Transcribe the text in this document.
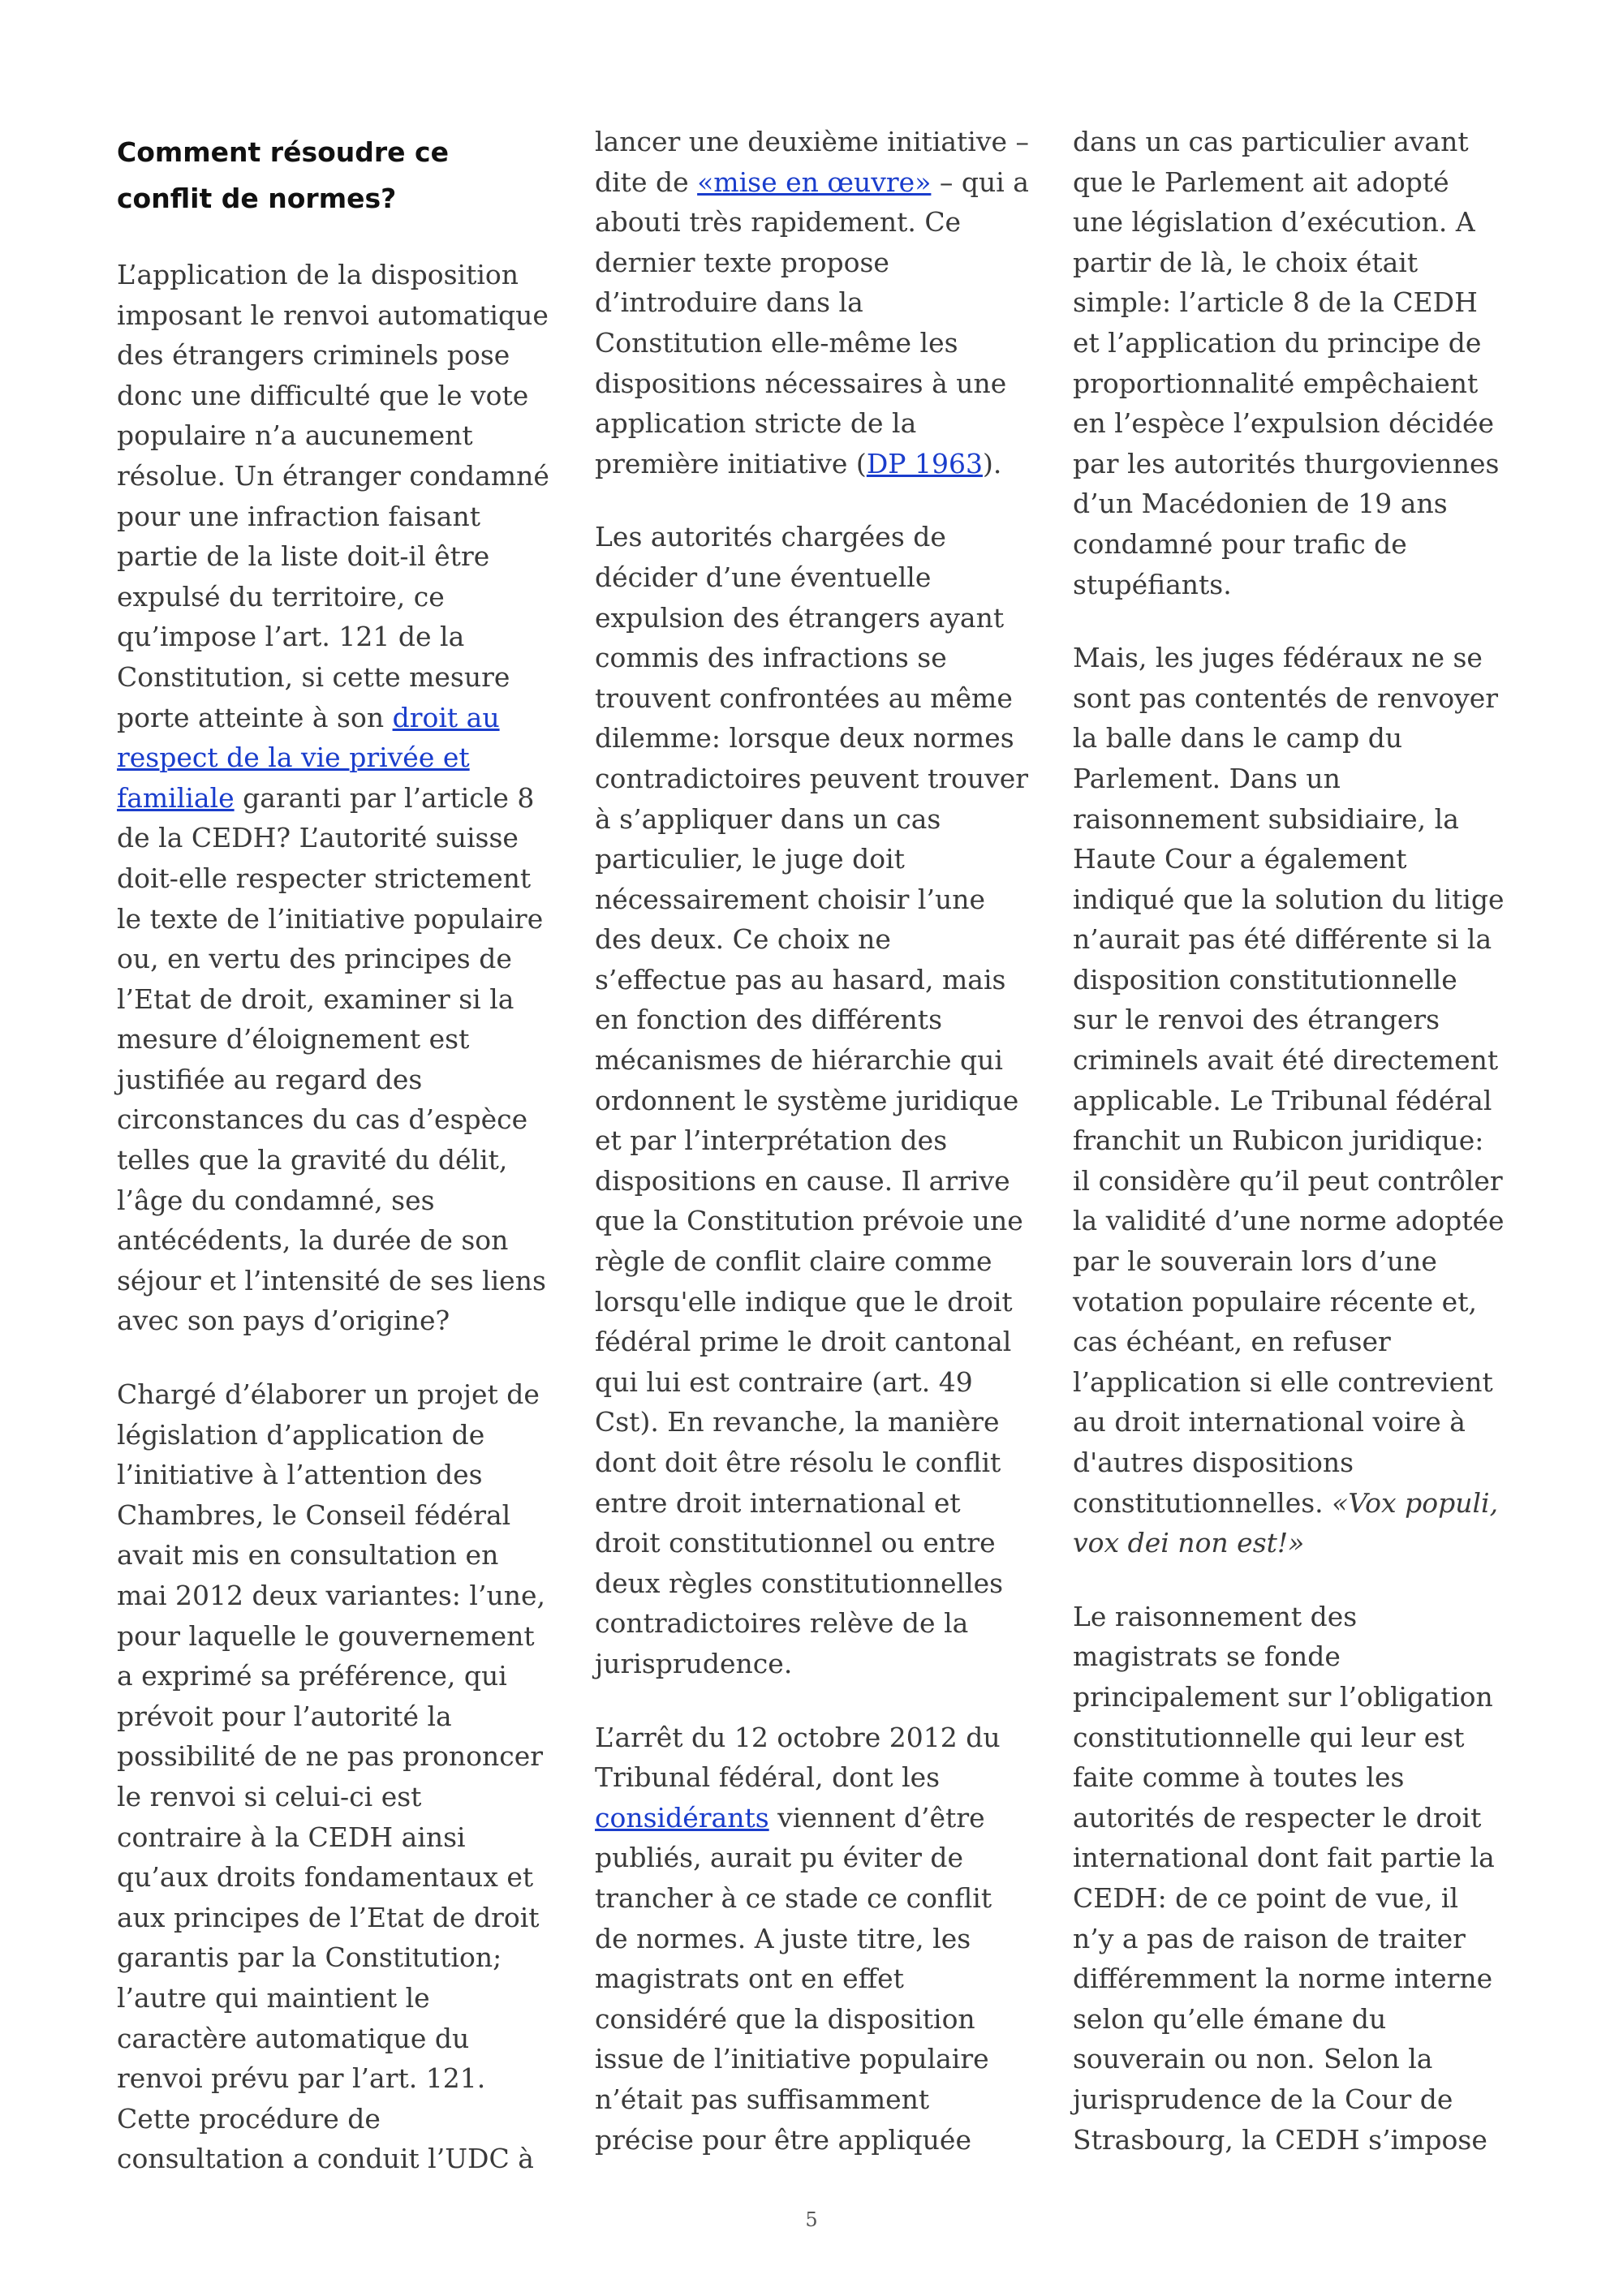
Comment résoudre ce
conflit de normes?

L’application de la disposition
imposant le renvoi automatique
des étrangers criminels pose
donc une difficulté que le vote
populaire n’a aucunement
résolue. Un étranger condamné
pour une infraction faisant
partie de la liste doit-il être
expulsé du territoire, ce
qu’impose l’art. 121 de la
Constitution, si cette mesure
porte atteinte à son droit au
respect de la vie privée et
familiale garanti par l’article 8
de la CEDH? L’autorité suisse
doit-elle respecter strictement
le texte de l’initiative populaire
ou, en vertu des principes de
l’Etat de droit, examiner si la
mesure d’éloignement est
justifiée au regard des
circonstances du cas d’espèce
telles que la gravité du délit,
l’âge du condamné, ses
antécédents, la durée de son
séjour et l’intensité de ses liens
avec son pays d’origine?

Chargé d’élaborer un projet de
législation d’application de
l’initiative à l’attention des
Chambres, le Conseil fédéral
avait mis en consultation en
mai 2012 deux variantes: l’une,
pour laquelle le gouvernement
a exprimé sa préférence, qui
prévoit pour l’autorité la
possibilité de ne pas prononcer
le renvoi si celui-ci est
contraire à la CEDH ainsi
qu’aux droits fondamentaux et
aux principes de l’Etat de droit
garantis par la Constitution;
l’autre qui maintient le
caractère automatique du
renvoi prévu par l’art. 121.
Cette procédure de
consultation a conduit l’UDC à

lancer une deuxième initiative –
dite de «mise en œuvre» – qui a
abouti très rapidement. Ce
dernier texte propose
d’introduire dans la
Constitution elle-même les
dispositions nécessaires à une
application stricte de la
première initiative (DP 1963).

Les autorités chargées de
décider d’une éventuelle
expulsion des étrangers ayant
commis des infractions se
trouvent confrontées au même
dilemme: lorsque deux normes
contradictoires peuvent trouver
à s’appliquer dans un cas
particulier, le juge doit
nécessairement choisir l’une
des deux. Ce choix ne
s’effectue pas au hasard, mais
en fonction des différents
mécanismes de hiérarchie qui
ordonnent le système juridique
et par l’interprétation des
dispositions en cause. Il arrive
que la Constitution prévoie une
règle de conflit claire comme
lorsqu'elle indique que le droit
fédéral prime le droit cantonal
qui lui est contraire (art. 49
Cst). En revanche, la manière
dont doit être résolu le conflit
entre droit international et
droit constitutionnel ou entre
deux règles constitutionnelles
contradictoires relève de la
jurisprudence.

L’arrêt du 12 octobre 2012 du
Tribunal fédéral, dont les
considérants viennent d’être
publiés, aurait pu éviter de
trancher à ce stade ce conflit
de normes. A juste titre, les
magistrats ont en effet
considéré que la disposition
issue de l’initiative populaire
n’était pas suffisamment
précise pour être appliquée

dans un cas particulier avant
que le Parlement ait adopté
une législation d’exécution. A
partir de là, le choix était
simple: l’article 8 de la CEDH
et l’application du principe de
proportionnalité empêchaient
en l’espèce l’expulsion décidée
par les autorités thurgoviennes
d’un Macédonien de 19 ans
condamné pour trafic de
stupéfiants.

Mais, les juges fédéraux ne se
sont pas contentés de renvoyer
la balle dans le camp du
Parlement. Dans un
raisonnement subsidiaire, la
Haute Cour a également
indiqué que la solution du litige
n’aurait pas été différente si la
disposition constitutionnelle
sur le renvoi des étrangers
criminels avait été directement
applicable. Le Tribunal fédéral
franchit un Rubicon juridique:
il considère qu’il peut contrôler
la validité d’une norme adoptée
par le souverain lors d’une
votation populaire récente et,
cas échéant, en refuser
l’application si elle contrevient
au droit international voire à
d'autres dispositions
constitutionnelles. «Vox populi,
vox dei non est!»

Le raisonnement des
magistrats se fonde
principalement sur l’obligation
constitutionnelle qui leur est
faite comme à toutes les
autorités de respecter le droit
international dont fait partie la
CEDH: de ce point de vue, il
n’y a pas de raison de traiter
différemment la norme interne
selon qu’elle émane du
souverain ou non. Selon la
jurisprudence de la Cour de
Strasbourg, la CEDH s’impose

5
